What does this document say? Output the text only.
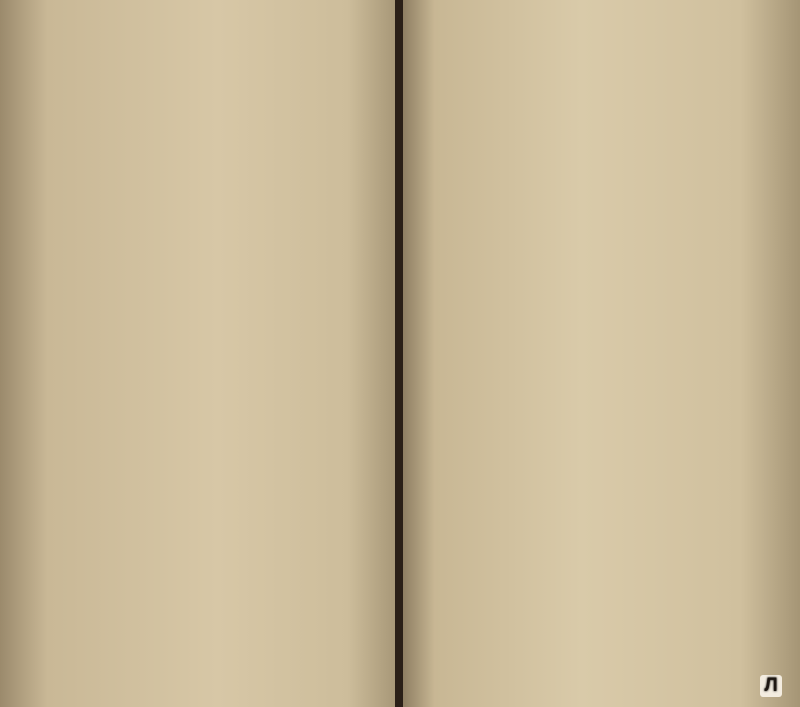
Л
